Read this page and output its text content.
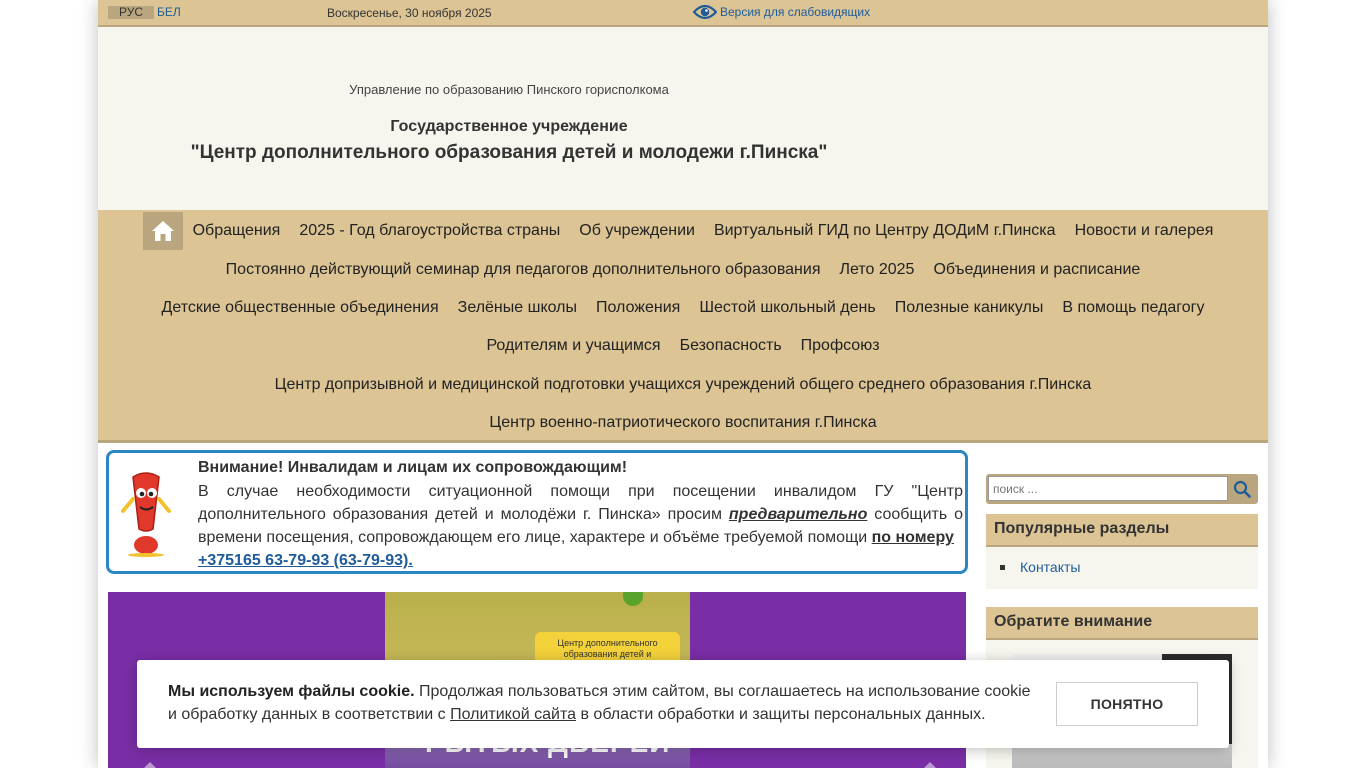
РУС	БЕЛ	Воскресенье, 30 ноября 2025	Версия для слабовидящих
Управление по образованию Пинского горисполкома
Государственное учреждение
"Центр дополнительного образования детей и молодежи г.Пинска"
Обращения	2025 - Год благоустройства страны	Об учреждении	Виртуальный ГИД по Центру ДОДиМ г.Пинска	Новости и галерея
Постоянно действующий семинар для педагогов дополнительного образования	Лето 2025	Объединения и расписание
Детские общественные объединения	Зелёные школы	Положения	Шестой школьный день	Полезные каникулы	В помощь педагогу
Родителям и учащимся	Безопасность	Профсоюз
Центр допризывной и медицинской подготовки учащихся учреждений общего среднего образования г.Пинска
Центр военно-патриотического воспитания г.Пинска
Внимание! Инвалидам и лицам их сопровождающим!
В случае необходимости ситуационной помощи при посещении инвалидом ГУ "Центр дополнительного образования детей и молодёжи г. Пинска» просим предварительно сообщить о времени посещения, сопровождающем его лице, характере и объёме требуемой помощи по номеру
+375165 63-79-93 (63-79-93).
Центр дополнительного образования детей и
поиск ...
Популярные разделы
Контакты
Обратите внимание
Мы используем файлы cookie. Продолжая пользоваться этим сайтом, вы соглашаетесь на использование cookie и обработку данных в соответствии с Политикой сайта в области обработки и защиты персональных данных.
ПОНЯТНО
